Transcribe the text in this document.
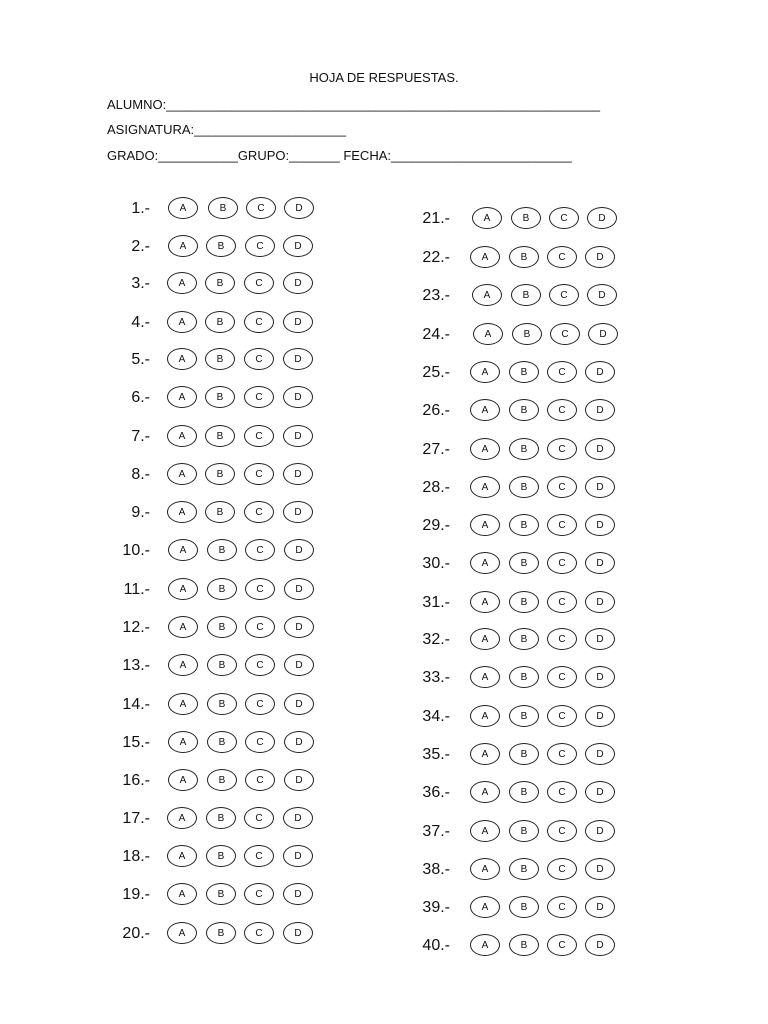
HOJA DE RESPUESTAS.
ALUMNO:____________________________________________________________
ASIGNATURA:_____________________
GRADO:___________GRUPO:_______ FECHA:_________________________
1.-	A	B	C	D
2.-	A	B	C	D
3.-	A	B	C	D
4.-	A	B	C	D
5.-	A	B	C	D
6.-	A	B	C	D
7.-	A	B	C	D
8.-	A	B	C	D
9.-	A	B	C	D
10.-	A	B	C	D
11.-	A	B	C	D
12.-	A	B	C	D
13.-	A	B	C	D
14.-	A	B	C	D
15.-	A	B	C	D
16.-	A	B	C	D
17.-	A	B	C	D
18.-	A	B	C	D
19.-	A	B	C	D
20.-	A	B	C	D
21.-	A	B	C	D
22.-	A	B	C	D
23.-	A	B	C	D
24.-	A	B	C	D
25.-	A	B	C	D
26.-	A	B	C	D
27.-	A	B	C	D
28.-	A	B	C	D
29.-	A	B	C	D
30.-	A	B	C	D
31.-	A	B	C	D
32.-	A	B	C	D
33.-	A	B	C	D
34.-	A	B	C	D
35.-	A	B	C	D
36.-	A	B	C	D
37.-	A	B	C	D
38.-	A	B	C	D
39.-	A	B	C	D
40.-	A	B	C	D
